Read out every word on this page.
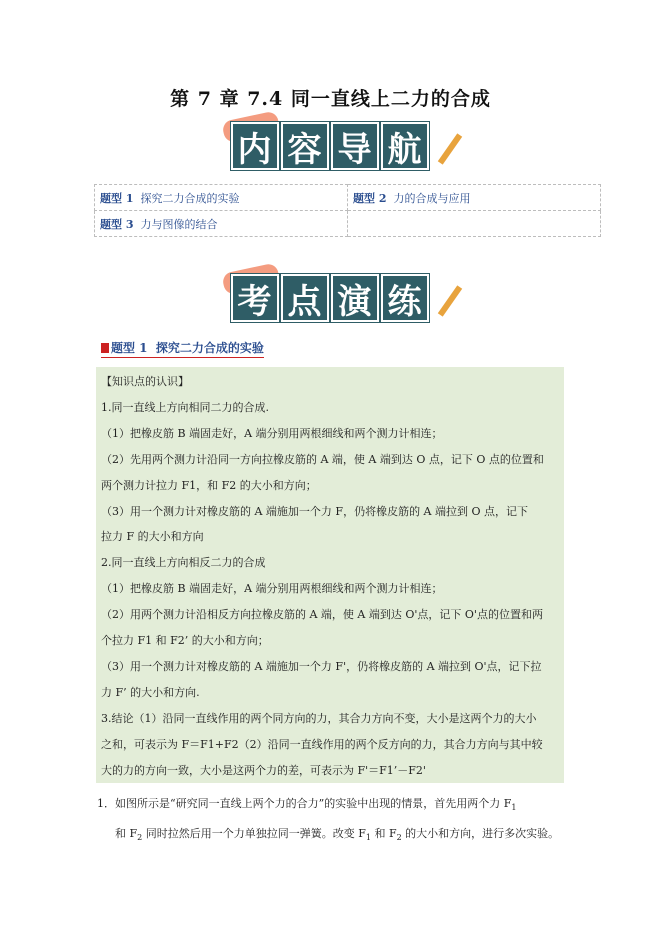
第 7 章 7.4 同一直线上二力的合成
内 容 导 航
题型 1 探究二力合成的实验	题型 2 力的合成与应用
题型 3 力与图像的结合	
考 点 演 练
题型 1 探究二力合成的实验

【知识点的认识】

1.同一直线上方向相同二力的合成.

（1）把橡皮筋 B 端固走好，A 端分别用两根细线和两个测力计相连；

（2）先用两个测力计沿同一方向拉橡皮筋的 A 端，使 A 端到达 O 点，记下 O 点的位置和

两个测力计拉力 F1，和 F2 的大小和方向；

（3）用一个测力计对橡皮筋的 A 端施加一个力 F，仍将橡皮筋的 A 端拉到 O 点，记下

拉力 F 的大小和方向

2.同一直线上方向相反二力的合成

（1）把橡皮筋 B 端固走好，A 端分别用两根细线和两个测力计相连；

（2）用两个测力计沿相反方向拉橡皮筋的 A 端，使 A 端到达 O'点，记下 O'点的位置和两

个拉力 F1 和 F2’ 的大小和方向；

（3）用一个测力计对橡皮筋的 A 端施加一个力 F'，仍将橡皮筋的 A 端拉到 O'点，记下拉

力 F’ 的大小和方向.

3.结论（1）沿同一直线作用的两个同方向的力，其合力方向不变，大小是这两个力的大小

之和，可表示为 F＝F1+F2（2）沿同一直线作用的两个反方向的力，其合力方向与其中较

大的力的方向一致，大小是这两个力的差，可表示为 F'＝F1’－F2'

1．如图所示是“研究同一直线上两个力的合力”的实验中出现的情景，首先用两个力 $F_1$
和 $F_2$ 同时拉然后用一个力单独拉同一弹簧。改变 $F_1$ 和 $F_2$ 的大小和方向，进行多次实验。
